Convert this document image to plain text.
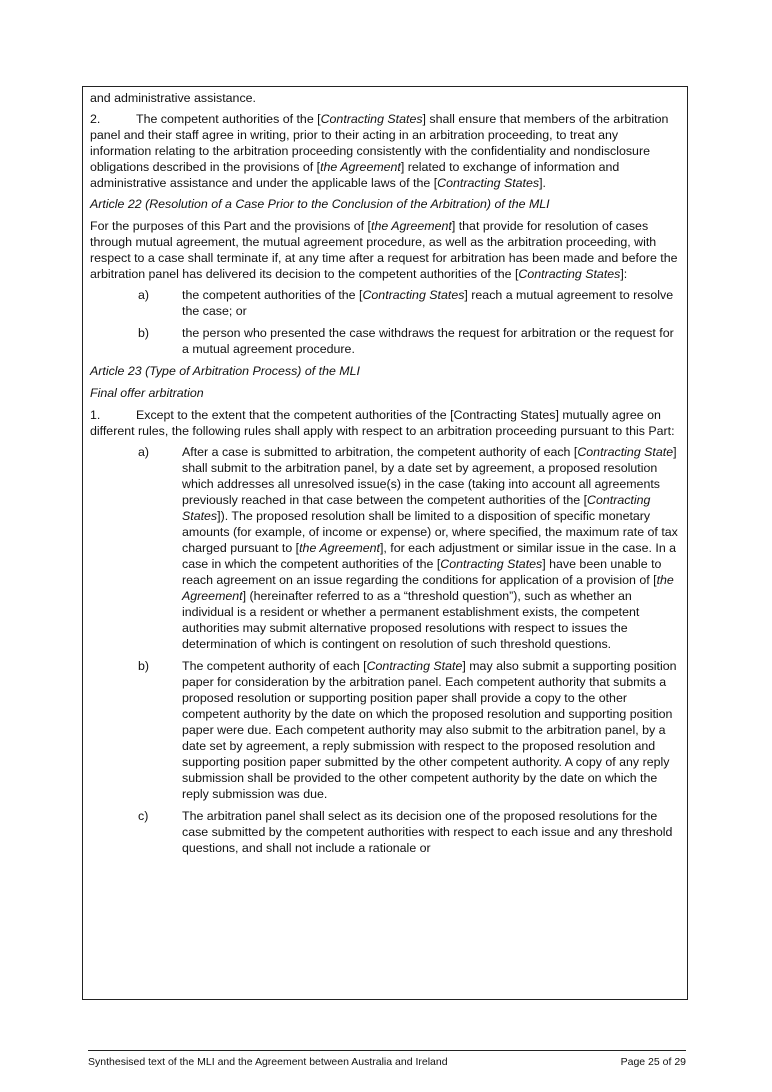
and administrative assistance.

2.	The competent authorities of the [Contracting States] shall ensure that members of the arbitration panel and their staff agree in writing, prior to their acting in an arbitration proceeding, to treat any information relating to the arbitration proceeding consistently with the confidentiality and nondisclosure obligations described in the provisions of [the Agreement] related to exchange of information and administrative assistance and under the applicable laws of the [Contracting States].

Article 22 (Resolution of a Case Prior to the Conclusion of the Arbitration) of the MLI

For the purposes of this Part and the provisions of [the Agreement] that provide for resolution of cases through mutual agreement, the mutual agreement procedure, as well as the arbitration proceeding, with respect to a case shall terminate if, at any time after a request for arbitration has been made and before the arbitration panel has delivered its decision to the competent authorities of the [Contracting States]:

a)	the competent authorities of the [Contracting States] reach a mutual agreement to resolve the case; or
b)	the person who presented the case withdraws the request for arbitration or the request for a mutual agreement procedure.

Article 23 (Type of Arbitration Process) of the MLI

Final offer arbitration

1.	Except to the extent that the competent authorities of the [Contracting States] mutually agree on different rules, the following rules shall apply with respect to an arbitration proceeding pursuant to this Part:

a)	After a case is submitted to arbitration, the competent authority of each [Contracting State] shall submit to the arbitration panel, by a date set by agreement, a proposed resolution which addresses all unresolved issue(s) in the case (taking into account all agreements previously reached in that case between the competent authorities of the [Contracting States]). The proposed resolution shall be limited to a disposition of specific monetary amounts (for example, of income or expense) or, where specified, the maximum rate of tax charged pursuant to [the Agreement], for each adjustment or similar issue in the case. In a case in which the competent authorities of the [Contracting States] have been unable to reach agreement on an issue regarding the conditions for application of a provision of [the Agreement] (hereinafter referred to as a “threshold question”), such as whether an individual is a resident or whether a permanent establishment exists, the competent authorities may submit alternative proposed resolutions with respect to issues the determination of which is contingent on resolution of such threshold questions.
b)	The competent authority of each [Contracting State] may also submit a supporting position paper for consideration by the arbitration panel. Each competent authority that submits a proposed resolution or supporting position paper shall provide a copy to the other competent authority by the date on which the proposed resolution and supporting position paper were due. Each competent authority may also submit to the arbitration panel, by a date set by agreement, a reply submission with respect to the proposed resolution and supporting position paper submitted by the other competent authority. A copy of any reply submission shall be provided to the other competent authority by the date on which the reply submission was due.
c)	The arbitration panel shall select as its decision one of the proposed resolutions for the case submitted by the competent authorities with respect to each issue and any threshold questions, and shall not include a rationale or
Synthesised text of the MLI and the Agreement between Australia and Ireland	Page 25 of 29
